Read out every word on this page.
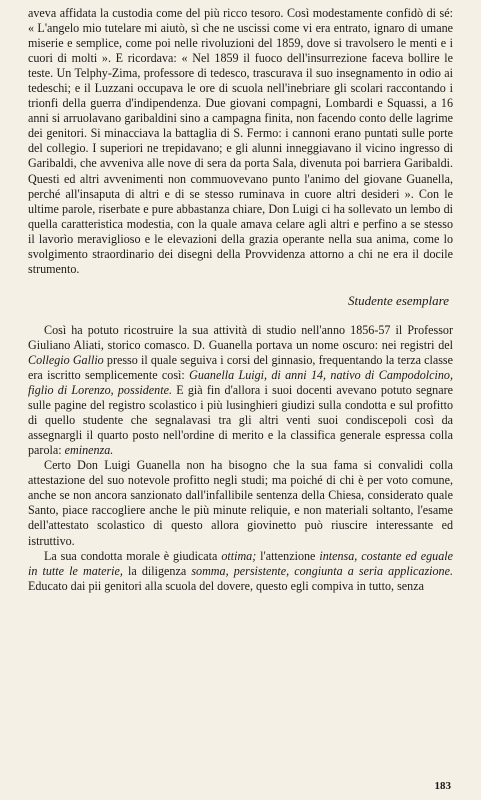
aveva affidata la custodia come del più ricco tesoro. Così modestamente confidò di sé: « L'angelo mio tutelare mi aiutò, sì che ne uscissi come vi era entrato, ignaro di umane miserie e semplice, come poi nelle rivoluzioni del 1859, dove si travolsero le menti e i cuori di molti ». E ricordava: « Nel 1859 il fuoco dell'insurrezione faceva bollire le teste. Un Telphy-Zima, professore di tedesco, trascurava il suo insegnamento in odio ai tedeschi; e il Luzzani occupava le ore di scuola nell'inebriare gli scolari raccontando i trionfi della guerra d'indipendenza. Due giovani compagni, Lombardi e Squassi, a 16 anni si arruolavano garibaldini sino a campagna finita, non facendo conto delle lagrime dei genitori. Si minacciava la battaglia di S. Fermo: i cannoni erano puntati sulle porte del collegio. I superiori ne trepidavano; e gli alunni inneggiavano il vicino ingresso di Garibaldi, che avveniva alle nove di sera da porta Sala, divenuta poi barriera Garibaldi. Questi ed altri avvenimenti non commuovevano punto l'animo del giovane Guanella, perché all'insaputa di altri e di se stesso ruminava in cuore altri desideri ». Con le ultime parole, riserbate e pure abbastanza chiare, Don Luigi ci ha sollevato un lembo di quella caratteristica modestia, con la quale amava celare agli altri e perfino a se stesso il lavorìo meraviglioso e le elevazioni della grazia operante nella sua anima, come lo svolgimento straordinario dei disegni della Provvidenza attorno a chi ne era il docile strumento.

Studente esemplare

Così ha potuto ricostruire la sua attività di studio nell'anno 1856-57 il Professor Giuliano Aliati, storico comasco. D. Guanella portava un nome oscuro: nei registri del Collegio Gallio presso il quale seguiva i corsi del ginnasio, frequentando la terza classe era iscritto semplicemente così: Guanella Luigi, di anni 14, nativo di Campodolcino, figlio di Lorenzo, possidente. E già fin d'allora i suoi docenti avevano potuto segnare sulle pagine del registro scolastico i più lusinghieri giudizi sulla condotta e sul profitto di quello studente che segnalavasi tra gli altri venti suoi condiscepoli così da assegnargli il quarto posto nell'ordine di merito e la classifica generale espressa colla parola: eminenza.

Certo Don Luigi Guanella non ha bisogno che la sua fama si convalidi colla attestazione del suo notevole profitto negli studi; ma poiché di chi è per voto comune, anche se non ancora sanzionato dall'infallibile sentenza della Chiesa, considerato quale Santo, piace raccogliere anche le più minute reliquie, e non materiali soltanto, l'esame dell'attestato scolastico di questo allora giovinetto può riuscire interessante ed istruttivo.

La sua condotta morale è giudicata ottima; l'attenzione intensa, costante ed eguale in tutte le materie, la diligenza somma, persistente, congiunta a seria applicazione. Educato dai pii genitori alla scuola del dovere, questo egli compiva in tutto, senza

183
